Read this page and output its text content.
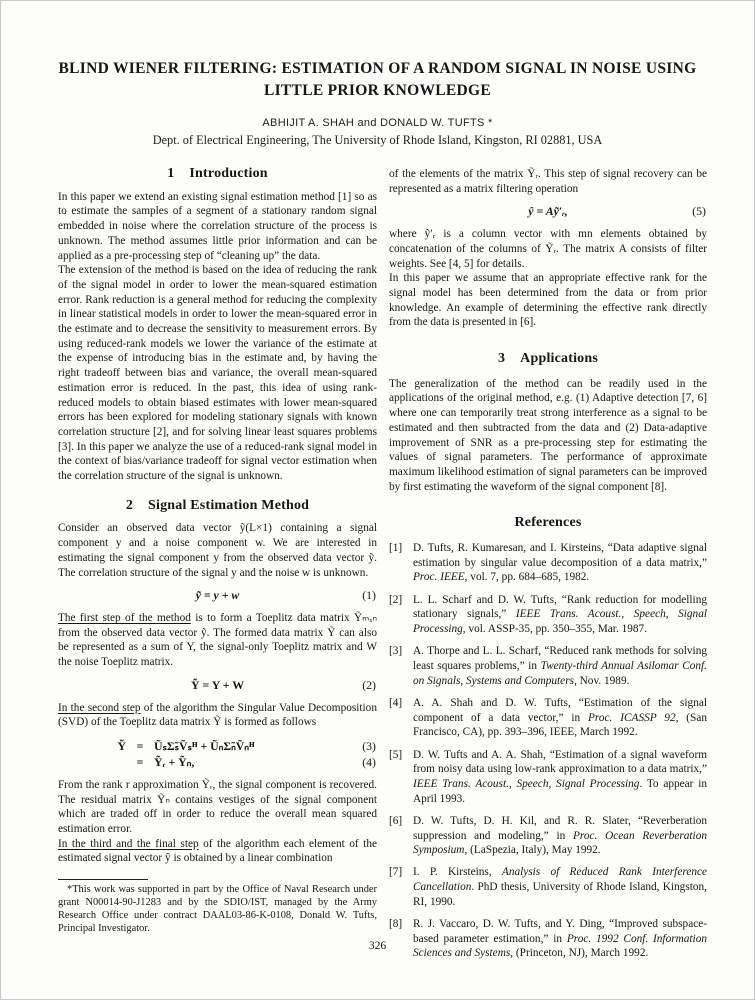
BLIND WIENER FILTERING: ESTIMATION OF A RANDOM SIGNAL IN NOISE USING
LITTLE PRIOR KNOWLEDGE
ABHIJIT A. SHAH and DONALD W. TUFTS *
Dept. of Electrical Engineering, The University of Rhode Island, Kingston, RI 02881, USA
1 Introduction

In this paper we extend an existing signal estimation method [1] so as to estimate the samples of a segment of a stationary random signal embedded in noise where the correlation structure of the process is unknown. The method assumes little prior information and can be applied as a pre-processing step of “cleaning up” the data.

The extension of the method is based on the idea of reducing the rank of the signal model in order to lower the mean-squared estimation error. Rank reduction is a general method for reducing the complexity in linear statistical models in order to lower the mean-squared error in the estimate and to decrease the sensitivity to measurement errors. By using reduced-rank models we lower the variance of the estimate at the expense of introducing bias in the estimate and, by having the right tradeoff between bias and variance, the overall mean-squared estimation error is reduced. In the past, this idea of using rank-reduced models to obtain biased estimates with lower mean-squared errors has been explored for modeling stationary signals with known correlation structure [2], and for solving linear least squares problems [3]. In this paper we analyze the use of a reduced-rank signal model in the context of bias/variance tradeoff for signal vector estimation when the correlation structure of the signal is unknown.

2 Signal Estimation Method

Consider an observed data vector ỹ(L×1) containing a signal component y and a noise component w. We are interested in estimating the signal component y from the observed data vector ỹ. The correlation structure of the signal y and the noise w is unknown.

ỹ = y + w	(1)

The first step of the method is to form a Toeplitz data matrix Ỹₘₓₙ from the observed data vector ỹ. The formed data matrix Ỹ can also be represented as a sum of Y, the signal-only Toeplitz matrix and W the noise Toeplitz matrix.

Ỹ = Y + W	(2)

In the second step of the algorithm the Singular Value Decomposition (SVD) of the Toeplitz data matrix Ỹ is formed as follows

Ỹ = ŨₛΣ̃ₛṼₛᴴ + ŨₙΣ̃ₙṼₙᴴ	(3)
= Ỹᵣ + Ỹₙ,	(4)

From the rank r approximation Ỹᵣ, the signal component is recovered. The residual matrix Ỹₙ contains vestiges of the signal component which are traded off in order to reduce the overall mean squared estimation error.

In the third and the final step of the algorithm each element of the estimated signal vector ŷ is obtained by a linear combination

*This work was supported in part by the Office of Naval Research under grant N00014-90-J1283 and by the SDIO/IST, managed by the Army Research Office under contract DAAL03-86-K-0108, Donald W. Tufts, Principal Investigator.

of the elements of the matrix Ỹᵣ. This step of signal recovery can be represented as a matrix filtering operation

ŷ = Aỹ′ᵣ,	(5)

where ỹ′ᵣ is a column vector with mn elements obtained by concatenation of the columns of Ỹᵣ. The matrix A consists of filter weights. See [4, 5] for details.

In this paper we assume that an appropriate effective rank for the signal model has been determined from the data or from prior knowledge. An example of determining the effective rank directly from the data is presented in [6].

3 Applications

The generalization of the method can be readily used in the applications of the original method, e.g. (1) Adaptive detection [7, 6] where one can temporarily treat strong interference as a signal to be estimated and then subtracted from the data and (2) Data-adaptive improvement of SNR as a pre-processing step for estimating the values of signal parameters. The performance of approximate maximum likelihood estimation of signal parameters can be improved by first estimating the waveform of the signal component [8].

References
[1] D. Tufts, R. Kumaresan, and I. Kirsteins, “Data adaptive signal estimation by singular value decomposition of a data matrix,” Proc. IEEE, vol. 7, pp. 684–685, 1982.
[2] L. L. Scharf and D. W. Tufts, “Rank reduction for modelling stationary signals,” IEEE Trans. Acoust., Speech, Signal Processing, vol. ASSP-35, pp. 350–355, Mar. 1987.
[3] A. Thorpe and L. L. Scharf, “Reduced rank methods for solving least squares problems,” in Twenty-third Annual Asilomar Conf. on Signals, Systems and Computers, Nov. 1989.
[4] A. A. Shah and D. W. Tufts, “Estimation of the signal component of a data vector,” in Proc. ICASSP 92, (San Francisco, CA), pp. 393–396, IEEE, March 1992.
[5] D. W. Tufts and A. A. Shah, “Estimation of a signal waveform from noisy data using low-rank approximation to a data matrix,” IEEE Trans. Acoust., Speech, Signal Processing. To appear in April 1993.
[6] D. W. Tufts, D. H. Kil, and R. R. Slater, “Reverberation suppression and modeling,” in Proc. Ocean Reverberation Symposium, (LaSpezia, Italy), May 1992.
[7] I. P. Kirsteins, Analysis of Reduced Rank Interference Cancellation. PhD thesis, University of Rhode Island, Kingston, RI, 1990.
[8] R. J. Vaccaro, D. W. Tufts, and Y. Ding, “Improved subspace-based parameter estimation,” in Proc. 1992 Conf. Information Sciences and Systems, (Princeton, NJ), March 1992.
326
